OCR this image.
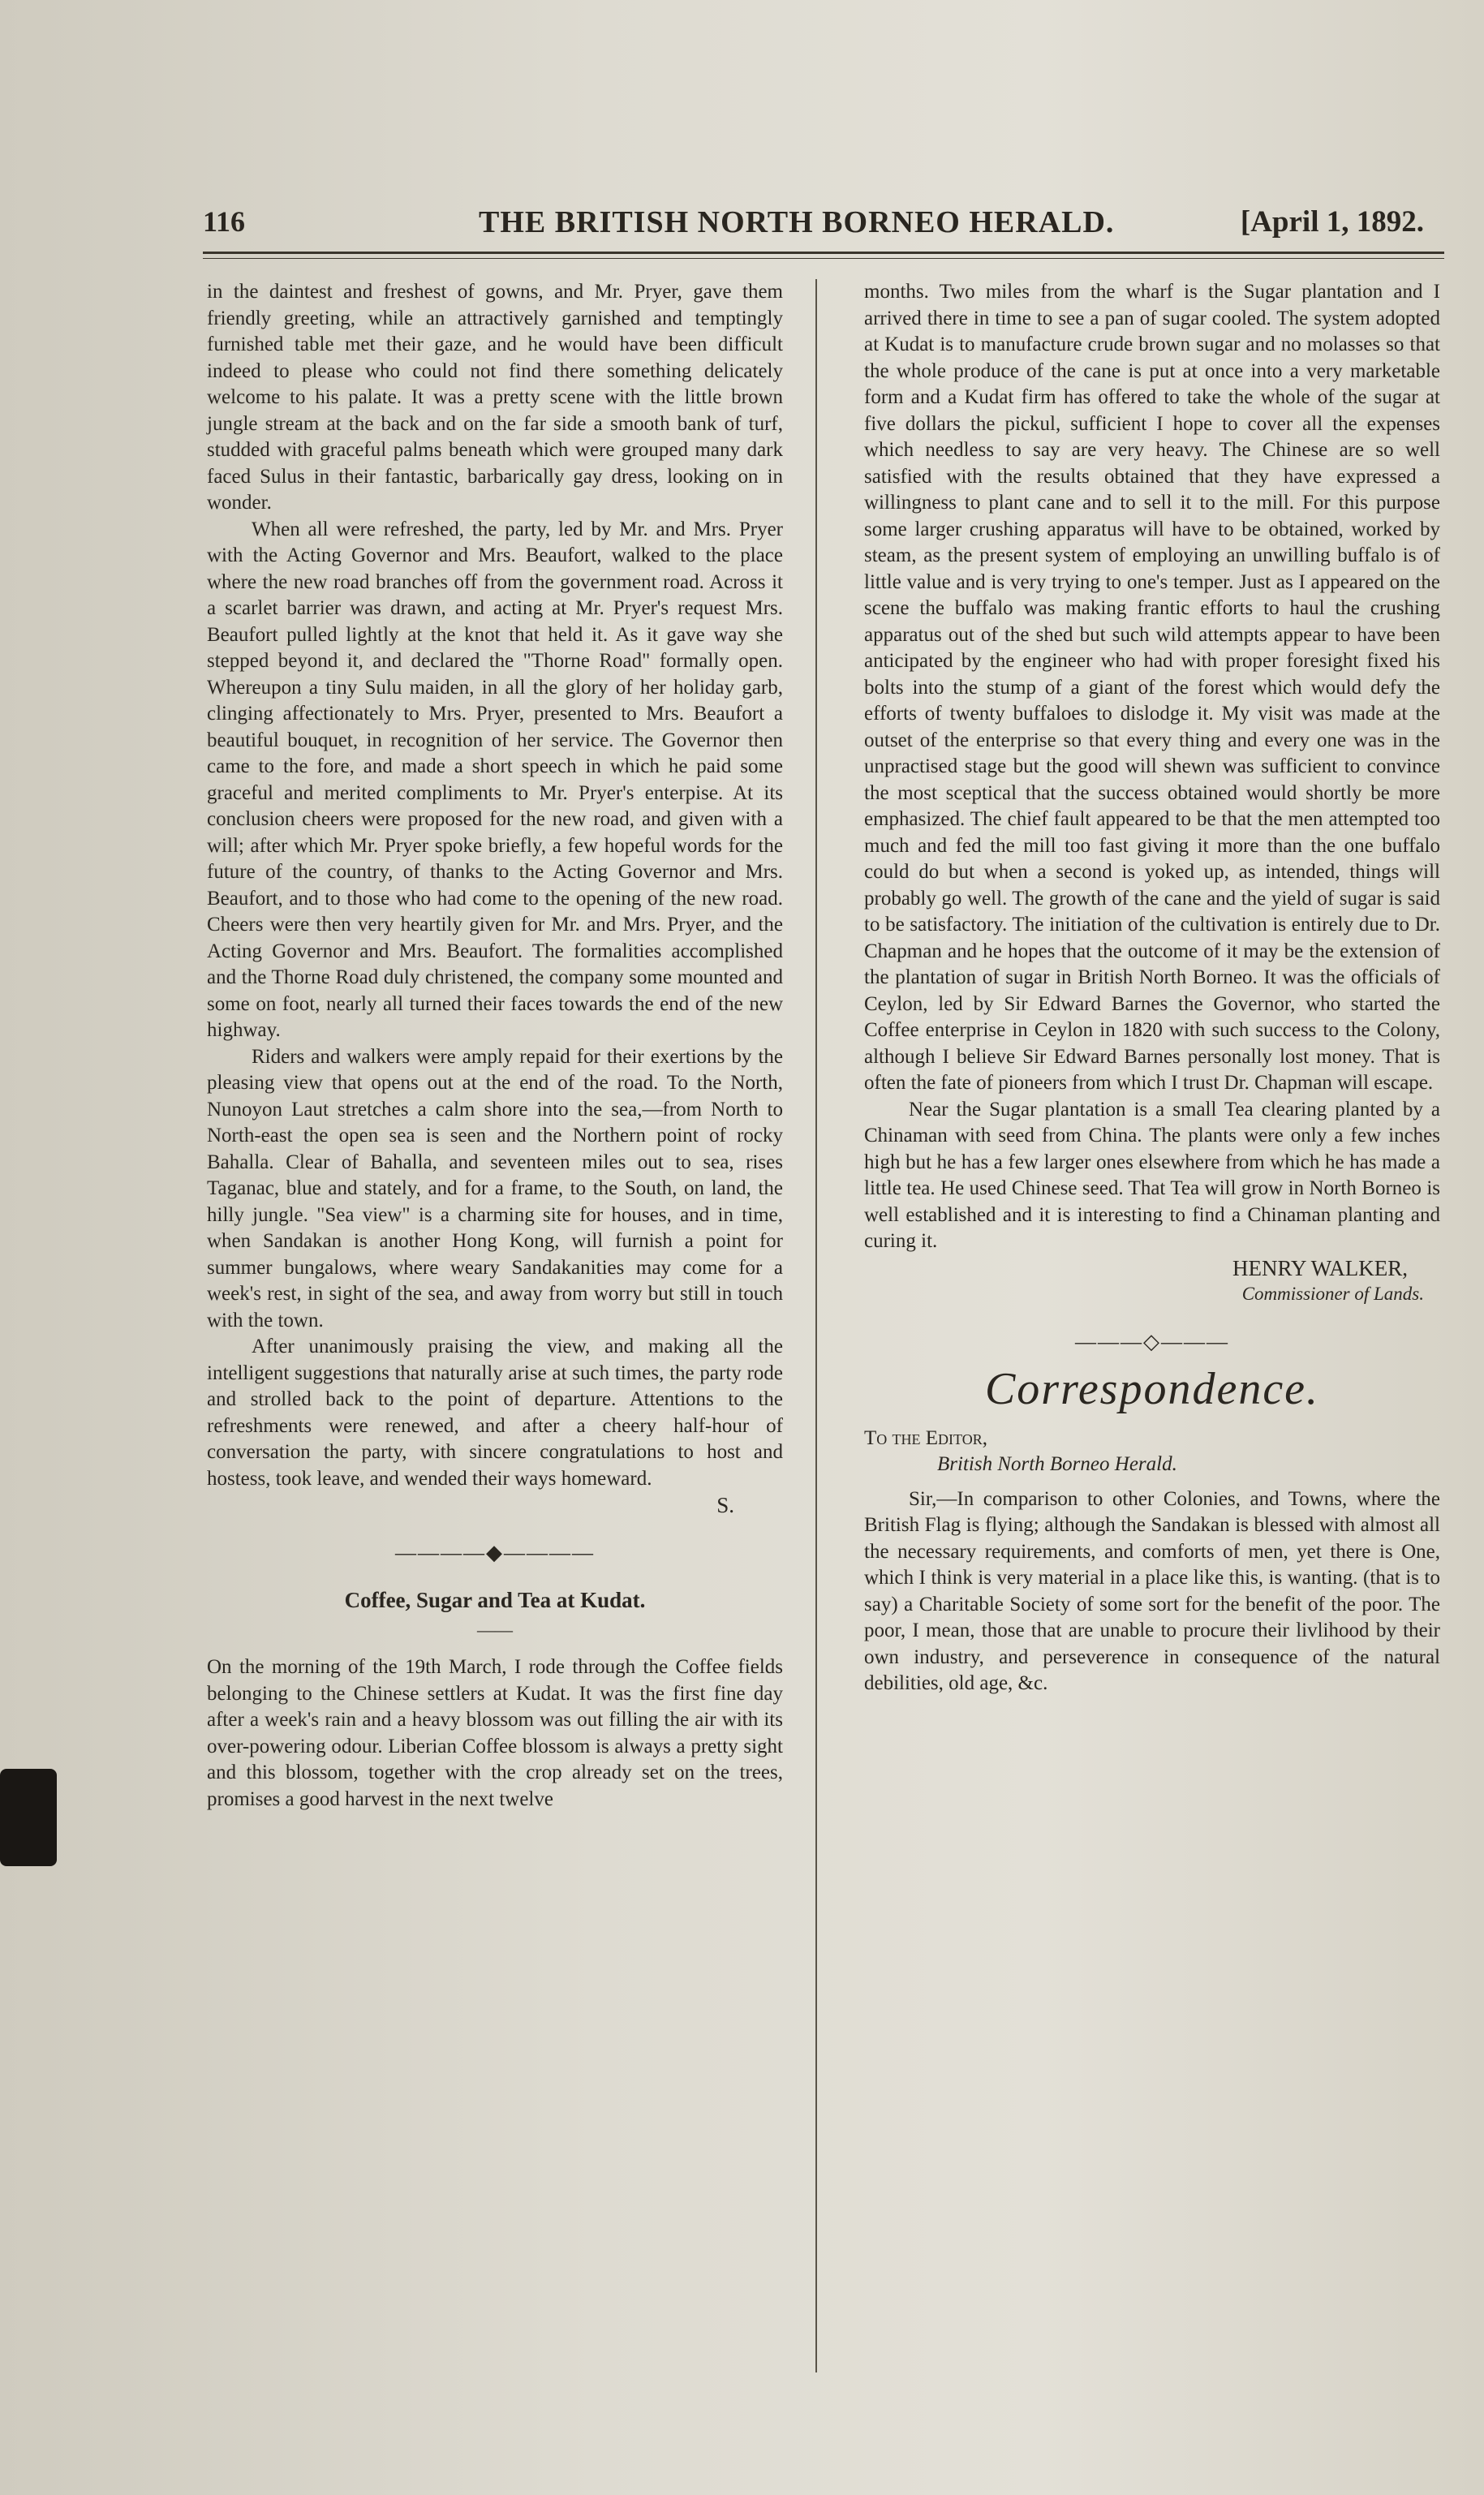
116	THE BRITISH NORTH BORNEO HERALD.	[April 1, 1892.

in the daintest and freshest of gowns, and Mr. Pryer, gave them friendly greeting, while an attractively garnished and temptingly furnished table met their gaze, and he would have been difficult indeed to please who could not find there something delicately welcome to his palate. It was a pretty scene with the little brown jungle stream at the back and on the far side a smooth bank of turf, studded with graceful palms beneath which were grouped many dark faced Sulus in their fantastic, barbarically gay dress, looking on in wonder.

When all were refreshed, the party, led by Mr. and Mrs. Pryer with the Acting Governor and Mrs. Beaufort, walked to the place where the new road branches off from the government road. Across it a scarlet barrier was drawn, and acting at Mr. Pryer's request Mrs. Beaufort pulled lightly at the knot that held it. As it gave way she stepped beyond it, and declared the "Thorne Road" formally open. Whereupon a tiny Sulu maiden, in all the glory of her holiday garb, clinging affectionately to Mrs. Pryer, presented to Mrs. Beaufort a beautiful bouquet, in recognition of her service. The Governor then came to the fore, and made a short speech in which he paid some graceful and merited compliments to Mr. Pryer's enterpise. At its conclusion cheers were proposed for the new road, and given with a will; after which Mr. Pryer spoke briefly, a few hopeful words for the future of the country, of thanks to the Acting Governor and Mrs. Beaufort, and to those who had come to the opening of the new road. Cheers were then very heartily given for Mr. and Mrs. Pryer, and the Acting Governor and Mrs. Beaufort. The formalities accomplished and the Thorne Road duly christened, the company some mounted and some on foot, nearly all turned their faces towards the end of the new highway.

Riders and walkers were amply repaid for their exertions by the pleasing view that opens out at the end of the road. To the North, Nunoyon Laut stretches a calm shore into the sea,—from North to North-east the open sea is seen and the Northern point of rocky Bahalla. Clear of Bahalla, and seventeen miles out to sea, rises Taganac, blue and stately, and for a frame, to the South, on land, the hilly jungle. "Sea view" is a charming site for houses, and in time, when Sandakan is another Hong Kong, will furnish a point for summer bungalows, where weary Sandakanities may come for a week's rest, in sight of the sea, and away from worry but still in touch with the town.

After unanimously praising the view, and making all the intelligent suggestions that naturally arise at such times, the party rode and strolled back to the point of departure. Attentions to the refreshments were renewed, and after a cheery half-hour of conversation the party, with sincere congratulations to host and hostess, took leave, and wended their ways homeward.

S.
————◆————
Coffee, Sugar and Tea at Kudat.
——

On the morning of the 19th March, I rode through the Coffee fields belonging to the Chinese settlers at Kudat. It was the first fine day after a week's rain and a heavy blossom was out filling the air with its over-powering odour. Liberian Coffee blossom is always a pretty sight and this blossom, together with the crop already set on the trees, promises a good harvest in the next twelve

months. Two miles from the wharf is the Sugar plantation and I arrived there in time to see a pan of sugar cooled. The system adopted at Kudat is to manufacture crude brown sugar and no molasses so that the whole produce of the cane is put at once into a very marketable form and a Kudat firm has offered to take the whole of the sugar at five dollars the pickul, sufficient I hope to cover all the expenses which needless to say are very heavy. The Chinese are so well satisfied with the results obtained that they have expressed a willingness to plant cane and to sell it to the mill. For this purpose some larger crushing apparatus will have to be obtained, worked by steam, as the present system of employing an unwilling buffalo is of little value and is very trying to one's temper. Just as I appeared on the scene the buffalo was making frantic efforts to haul the crushing apparatus out of the shed but such wild attempts appear to have been anticipated by the engineer who had with proper foresight fixed his bolts into the stump of a giant of the forest which would defy the efforts of twenty buffaloes to dislodge it. My visit was made at the outset of the enterprise so that every thing and every one was in the unpractised stage but the good will shewn was sufficient to convince the most sceptical that the success obtained would shortly be more emphasized. The chief fault appeared to be that the men attempted too much and fed the mill too fast giving it more than the one buffalo could do but when a second is yoked up, as intended, things will probably go well. The growth of the cane and the yield of sugar is said to be satisfactory. The initiation of the cultivation is entirely due to Dr. Chapman and he hopes that the outcome of it may be the extension of the plantation of sugar in British North Borneo. It was the officials of Ceylon, led by Sir Edward Barnes the Governor, who started the Coffee enterprise in Ceylon in 1820 with such success to the Colony, although I believe Sir Edward Barnes personally lost money. That is often the fate of pioneers from which I trust Dr. Chapman will escape.

Near the Sugar plantation is a small Tea clearing planted by a Chinaman with seed from China. The plants were only a few inches high but he has a few larger ones elsewhere from which he has made a little tea. He used Chinese seed. That Tea will grow in North Borneo is well established and it is interesting to find a Chinaman planting and curing it.

HENRY WALKER,
Commissioner of Lands.
———◇———
Correspondence.
To the Editor,
British North Borneo Herald.

Sir,—In comparison to other Colonies, and Towns, where the British Flag is flying; although the Sandakan is blessed with almost all the necessary requirements, and comforts of men, yet there is One, which I think is very material in a place like this, is wanting. (that is to say) a Charitable Society of some sort for the benefit of the poor. The poor, I mean, those that are unable to procure their livlihood by their own industry, and perseverence in consequence of the natural debilities, old age, &c.
